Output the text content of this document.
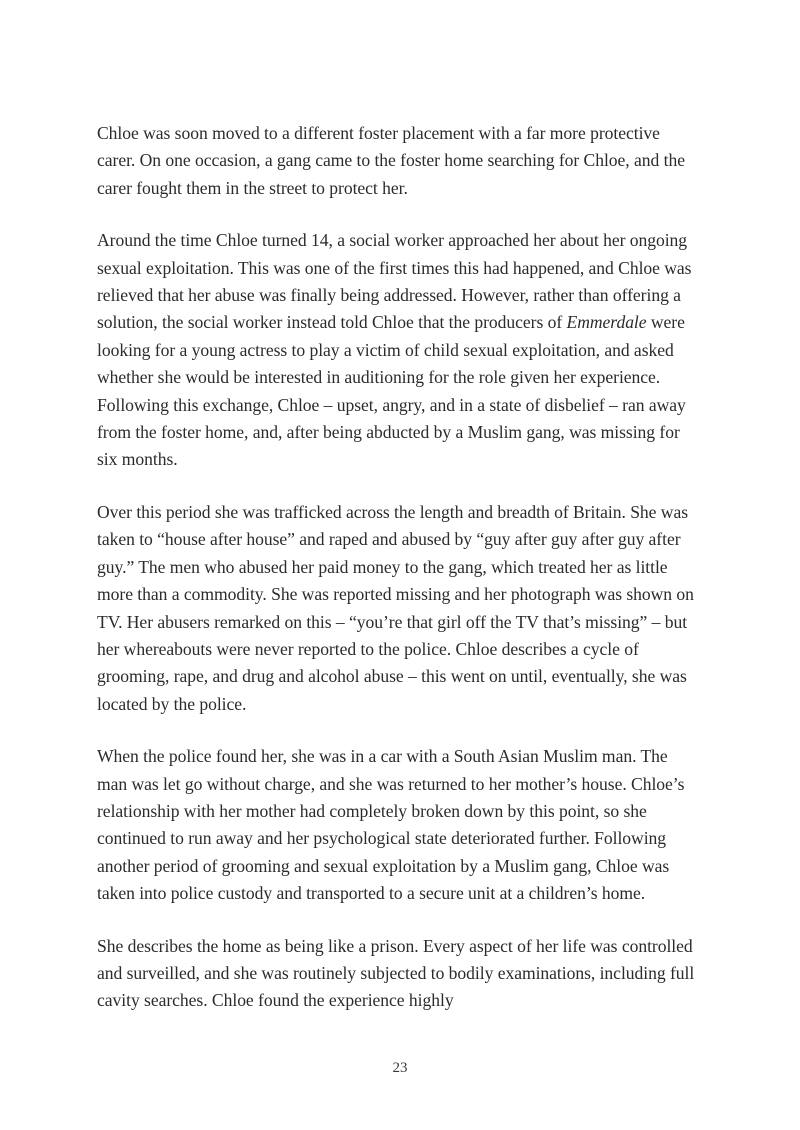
Chloe was soon moved to a different foster placement with a far more protective carer. On one occasion, a gang came to the foster home searching for Chloe, and the carer fought them in the street to protect her.

Around the time Chloe turned 14, a social worker approached her about her ongoing sexual exploitation. This was one of the first times this had happened, and Chloe was relieved that her abuse was finally being addressed. However, rather than offering a solution, the social worker instead told Chloe that the producers of Emmerdale were looking for a young actress to play a victim of child sexual exploitation, and asked whether she would be interested in auditioning for the role given her experience. Following this exchange, Chloe – upset, angry, and in a state of disbelief – ran away from the foster home, and, after being abducted by a Muslim gang, was missing for six months.

Over this period she was trafficked across the length and breadth of Britain. She was taken to “house after house” and raped and abused by “guy after guy after guy after guy.” The men who abused her paid money to the gang, which treated her as little more than a commodity. She was reported missing and her photograph was shown on TV. Her abusers remarked on this – “you’re that girl off the TV that’s missing” – but her whereabouts were never reported to the police. Chloe describes a cycle of grooming, rape, and drug and alcohol abuse – this went on until, eventually, she was located by the police.

When the police found her, she was in a car with a South Asian Muslim man. The man was let go without charge, and she was returned to her mother’s house. Chloe’s relationship with her mother had completely broken down by this point, so she continued to run away and her psychological state deteriorated further. Following another period of grooming and sexual exploitation by a Muslim gang, Chloe was taken into police custody and transported to a secure unit at a children’s home.

She describes the home as being like a prison. Every aspect of her life was controlled and surveilled, and she was routinely subjected to bodily examinations, including full cavity searches. Chloe found the experience highly

23
